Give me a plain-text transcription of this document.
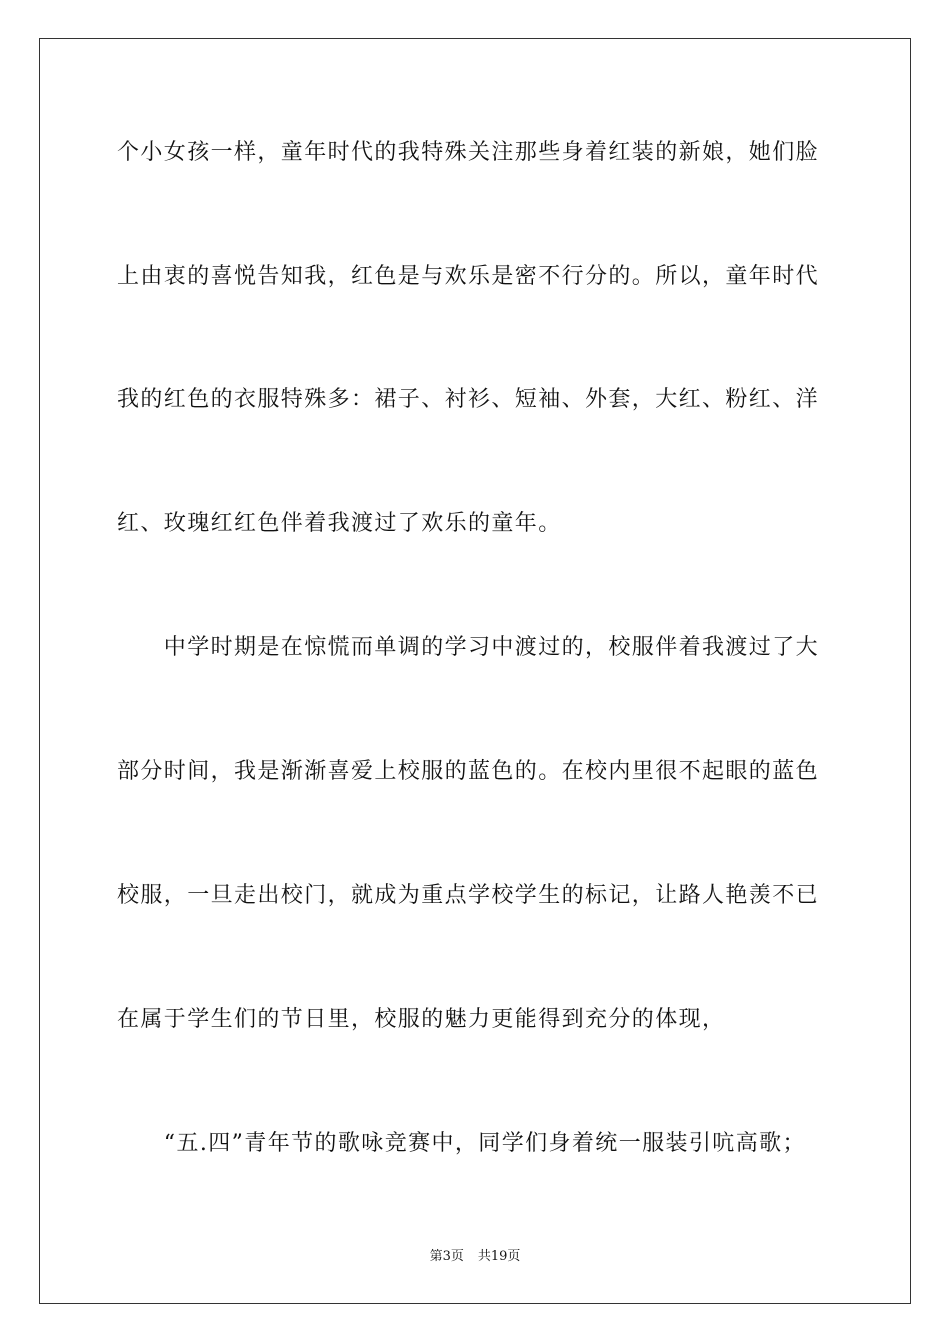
个小女孩一样，童年时代的我特殊关注那些身着红装的新娘，她们脸
上由衷的喜悦告知我，红色是与欢乐是密不行分的。所以，童年时代
我的红色的衣服特殊多：裙子、衬衫、短袖、外套，大红、粉红、洋
红、玫瑰红红色伴着我渡过了欢乐的童年。
　　中学时期是在惊慌而单调的学习中渡过的，校服伴着我渡过了大
部分时间，我是渐渐喜爱上校服的蓝色的。在校内里很不起眼的蓝色
校服，一旦走出校门，就成为重点学校学生的标记，让路人艳羡不已
在属于学生们的节日里，校服的魅力更能得到充分的体现，
　　“五.四”青年节的歌咏竞赛中，同学们身着统一服装引吭高歌；
第3页 共19页
